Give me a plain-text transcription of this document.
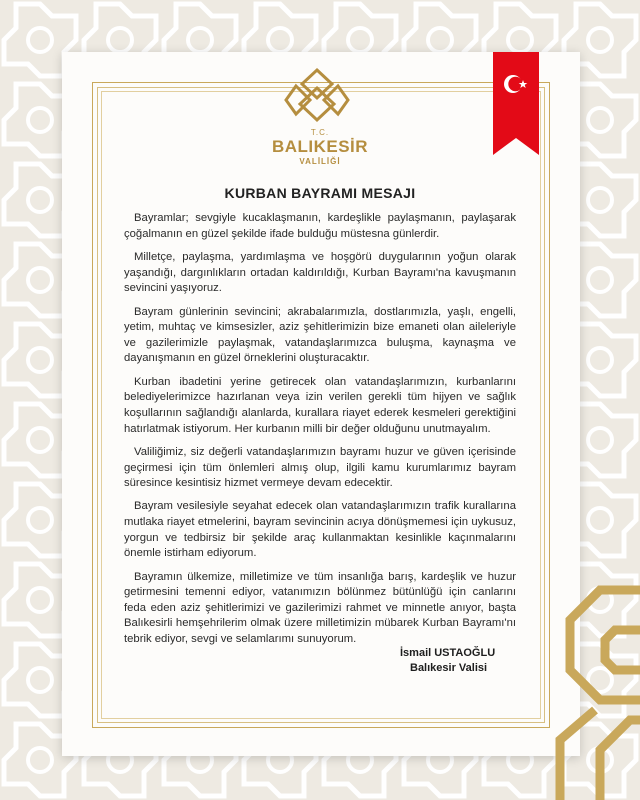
T.C.
BALIKESİR
VALİLİĞİ
KURBAN BAYRAMI MESAJI

Bayramlar; sevgiyle kucaklaşmanın, kardeşlikle paylaşmanın, paylaşarak çoğalmanın en güzel şekilde ifade bulduğu müstesna günlerdir.

Milletçe, paylaşma, yardımlaşma ve hoşgörü duygularının yoğun olarak yaşandığı, dargınlıkların ortadan kaldırıldığı, Kurban Bayramı'na kavuşmanın sevincini yaşıyoruz.

Bayram günlerinin sevincini; akrabalarımızla, dostlarımızla, yaşlı, engelli, yetim, muhtaç ve kimsesizler, aziz şehitlerimizin bize emaneti olan aileleriyle ve gazilerimizle paylaşmak, vatandaşlarımızca buluşma, kaynaşma ve dayanışmanın en güzel örneklerini oluşturacaktır.

Kurban ibadetini yerine getirecek olan vatandaşlarımızın, kurbanlarını belediyelerimizce hazırlanan veya izin verilen gerekli tüm hijyen ve sağlık koşullarının sağlandığı alanlarda, kurallara riayet ederek kesmeleri gerektiğini hatırlatmak istiyorum. Her kurbanın milli bir değer olduğunu unutmayalım.

Valiliğimiz, siz değerli vatandaşlarımızın bayramı huzur ve güven içerisinde geçirmesi için tüm önlemleri almış olup, ilgili kamu kurumlarımız bayram süresince kesintisiz hizmet vermeye devam edecektir.

Bayram vesilesiyle seyahat edecek olan vatandaşlarımızın trafik kurallarına mutlaka riayet etmelerini, bayram sevincinin acıya dönüşmemesi için uykusuz, yorgun ve tedbirsiz bir şekilde araç kullanmaktan kesinlikle kaçınmalarını önemle istirham ediyorum.

Bayramın ülkemize, milletimize ve tüm insanlığa barış, kardeşlik ve huzur getirmesini temenni ediyor, vatanımızın bölünmez bütünlüğü için canlarını feda eden aziz şehitlerimizi ve gazilerimizi rahmet ve minnetle anıyor, başta Balıkesirli hemşehrilerim olmak üzere milletimizin mübarek Kurban Bayramı'nı tebrik ediyor, sevgi ve selamlarımı sunuyorum.

İsmail USTAOĞLU
Balıkesir Valisi
